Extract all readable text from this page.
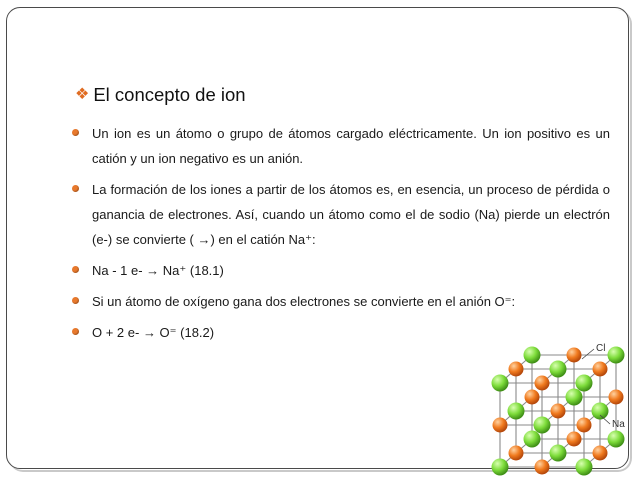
❖ El concepto de ion
Un ion es un átomo o grupo de átomos cargado eléctricamente. Un ion positivo es un catión y un ion negativo es un anión.
La formación de los iones a partir de los átomos es, en esencia, un proceso de pérdida o ganancia de electrones. Así, cuando un átomo como el de sodio (Na) pierde un electrón (e-) se convierte ( →) en el catión Na⁺:
Na - 1 e- → Na⁺ (18.1)
Si un átomo de oxígeno gana dos electrones se convierte en el anión O⁼:
O + 2 e- → O⁼ (18.2)
Cl
Na
